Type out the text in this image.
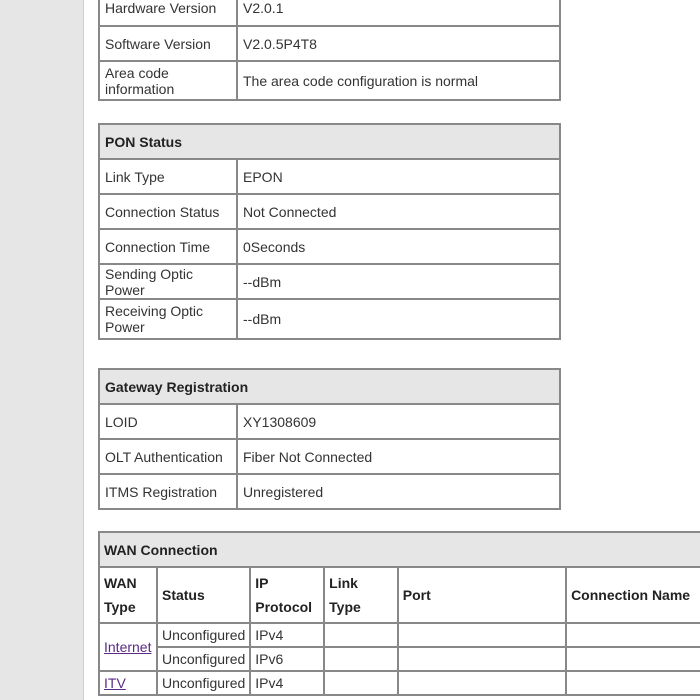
Hardware Version	V2.0.1
Software Version	V2.0.5P4T8
Area code information	The area code configuration is normal
PON Status	
Link Type	EPON
Connection Status	Not Connected
Connection Time	0Seconds
Sending Optic Power	--dBm
Receiving Optic Power	--dBm
Gateway Registration	
LOID	XY1308609
OLT Authentication	Fiber Not Connected
ITMS Registration	Unregistered
WAN Connection					
WAN Type	Status	IP Protocol	Link Type	Port	Connection Name
Internet	Unconfigured	IPv4			
	Unconfigured	IPv6			
ITV	Unconfigured	IPv4			
